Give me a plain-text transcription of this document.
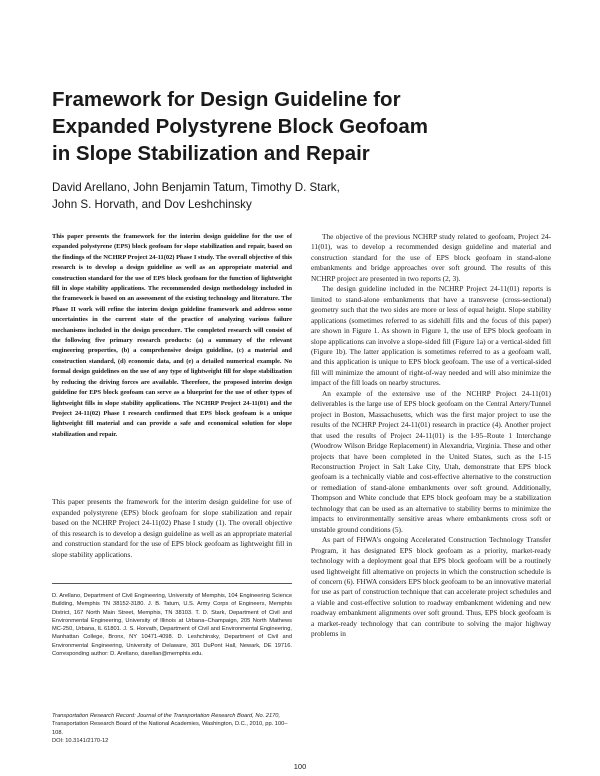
Framework for Design Guideline for
Expanded Polystyrene Block Geofoam
in Slope Stabilization and Repair
David Arellano, John Benjamin Tatum, Timothy D. Stark,
John S. Horvath, and Dov Leshchinsky

This paper presents the framework for the interim design guideline for the use of expanded polystyrene (EPS) block geofoam for slope stabilization and repair, based on the findings of the NCHRP Project 24-11(02) Phase I study. The overall objective of this research is to develop a design guideline as well as an appropriate material and construction standard for the use of EPS block geofoam for the function of lightweight fill in slope stability applications. The recommended design methodology included in the framework is based on an assessment of the existing technology and literature. The Phase II work will refine the interim design guideline framework and address some uncertainties in the current state of the practice of analyzing various failure mechanisms included in the design procedure. The completed research will consist of the following five primary research products: (a) a summary of the relevant engineering properties, (b) a comprehensive design guideline, (c) a material and construction standard, (d) economic data, and (e) a detailed numerical example. No formal design guidelines on the use of any type of lightweight fill for slope stabilization by reducing the driving forces are available. Therefore, the proposed interim design guideline for EPS block geofoam can serve as a blueprint for the use of other types of lightweight fills in slope stability applications. The NCHRP Project 24-11(01) and the Project 24-11(02) Phase I research confirmed that EPS block geofoam is a unique lightweight fill material and can provide a safe and economical solution for slope stabilization and repair.

This paper presents the framework for the interim design guideline for use of expanded polystyrene (EPS) block geofoam for slope stabilization and repair based on the NCHRP Project 24-11(02) Phase I study (1). The overall objective of this research is to develop a design guideline as well as an appropriate material and construction standard for the use of EPS block geofoam as lightweight fill in slope stability applications.

D. Arellano, Department of Civil Engineering, University of Memphis, 104 Engineering Science Building, Memphis TN 38152-3180. J. B. Tatum, U.S. Army Corps of Engineers, Memphis District, 167 North Main Street, Memphis, TN 38103. T. D. Stark, Department of Civil and Environmental Engineering, University of Illinois at Urbana–Champaign, 205 North Mathews MC-250, Urbana, IL 61801. J. S. Horvath, Department of Civil and Environmental Engineering, Manhattan College, Bronx, NY 10471-4098. D. Leshchinsky, Department of Civil and Environmental Engineering, University of Delaware, 301 DuPont Hall, Newark, DE 19716. Corresponding author: D. Arellano, darellan@memphis.edu.
Transportation Research Record: Journal of the Transportation Research Board, No. 2170, Transportation Research Board of the National Academies, Washington, D.C., 2010, pp. 100–108.
DOI: 10.3141/2170-12

The objective of the previous NCHRP study related to geofoam, Project 24-11(01), was to develop a recommended design guideline and material and construction standard for the use of EPS block geofoam in stand-alone embankments and bridge approaches over soft ground. The results of this NCHRP project are presented in two reports (2, 3).

The design guideline included in the NCHRP Project 24-11(01) reports is limited to stand-alone embankments that have a transverse (cross-sectional) geometry such that the two sides are more or less of equal height. Slope stability applications (sometimes referred to as sidehill fills and the focus of this paper) are shown in Figure 1. As shown in Figure 1, the use of EPS block geofoam in slope applications can involve a slope-sided fill (Figure 1a) or a vertical-sided fill (Figure 1b). The latter application is sometimes referred to as a geofoam wall, and this application is unique to EPS block geofoam. The use of a vertical-sided fill will minimize the amount of right-of-way needed and will also minimize the impact of the fill loads on nearby structures.

An example of the extensive use of the NCHRP Project 24-11(01) deliverables is the large use of EPS block geofoam on the Central Artery/Tunnel project in Boston, Massachusetts, which was the first major project to use the results of the NCHRP Project 24-11(01) research in practice (4). Another project that used the results of Project 24-11(01) is the I-95–Route 1 Interchange (Woodrow Wilson Bridge Replacement) in Alexandria, Virginia. These and other projects that have been completed in the United States, such as the I-15 Reconstruction Project in Salt Lake City, Utah, demonstrate that EPS block geofoam is a technically viable and cost-effective alternative to the construction or remediation of stand-alone embankments over soft ground. Additionally, Thompson and White conclude that EPS block geofoam may be a stabilization technology that can be used as an alternative to stability berms to minimize the impacts to environmentally sensitive areas where embankments cross soft or unstable ground conditions (5).

As part of FHWA’s ongoing Accelerated Construction Technology Transfer Program, it has designated EPS block geofoam as a priority, market-ready technology with a deployment goal that EPS block geofoam will be a routinely used lightweight fill alternative on projects in which the construction schedule is of concern (6). FHWA considers EPS block geofoam to be an innovative material for use as part of construction technique that can accelerate project schedules and a viable and cost-effective solution to roadway embankment widening and new roadway embankment alignments over soft ground. Thus, EPS block geofoam is a market-ready technology that can contribute to solving the major highway problems in

100
